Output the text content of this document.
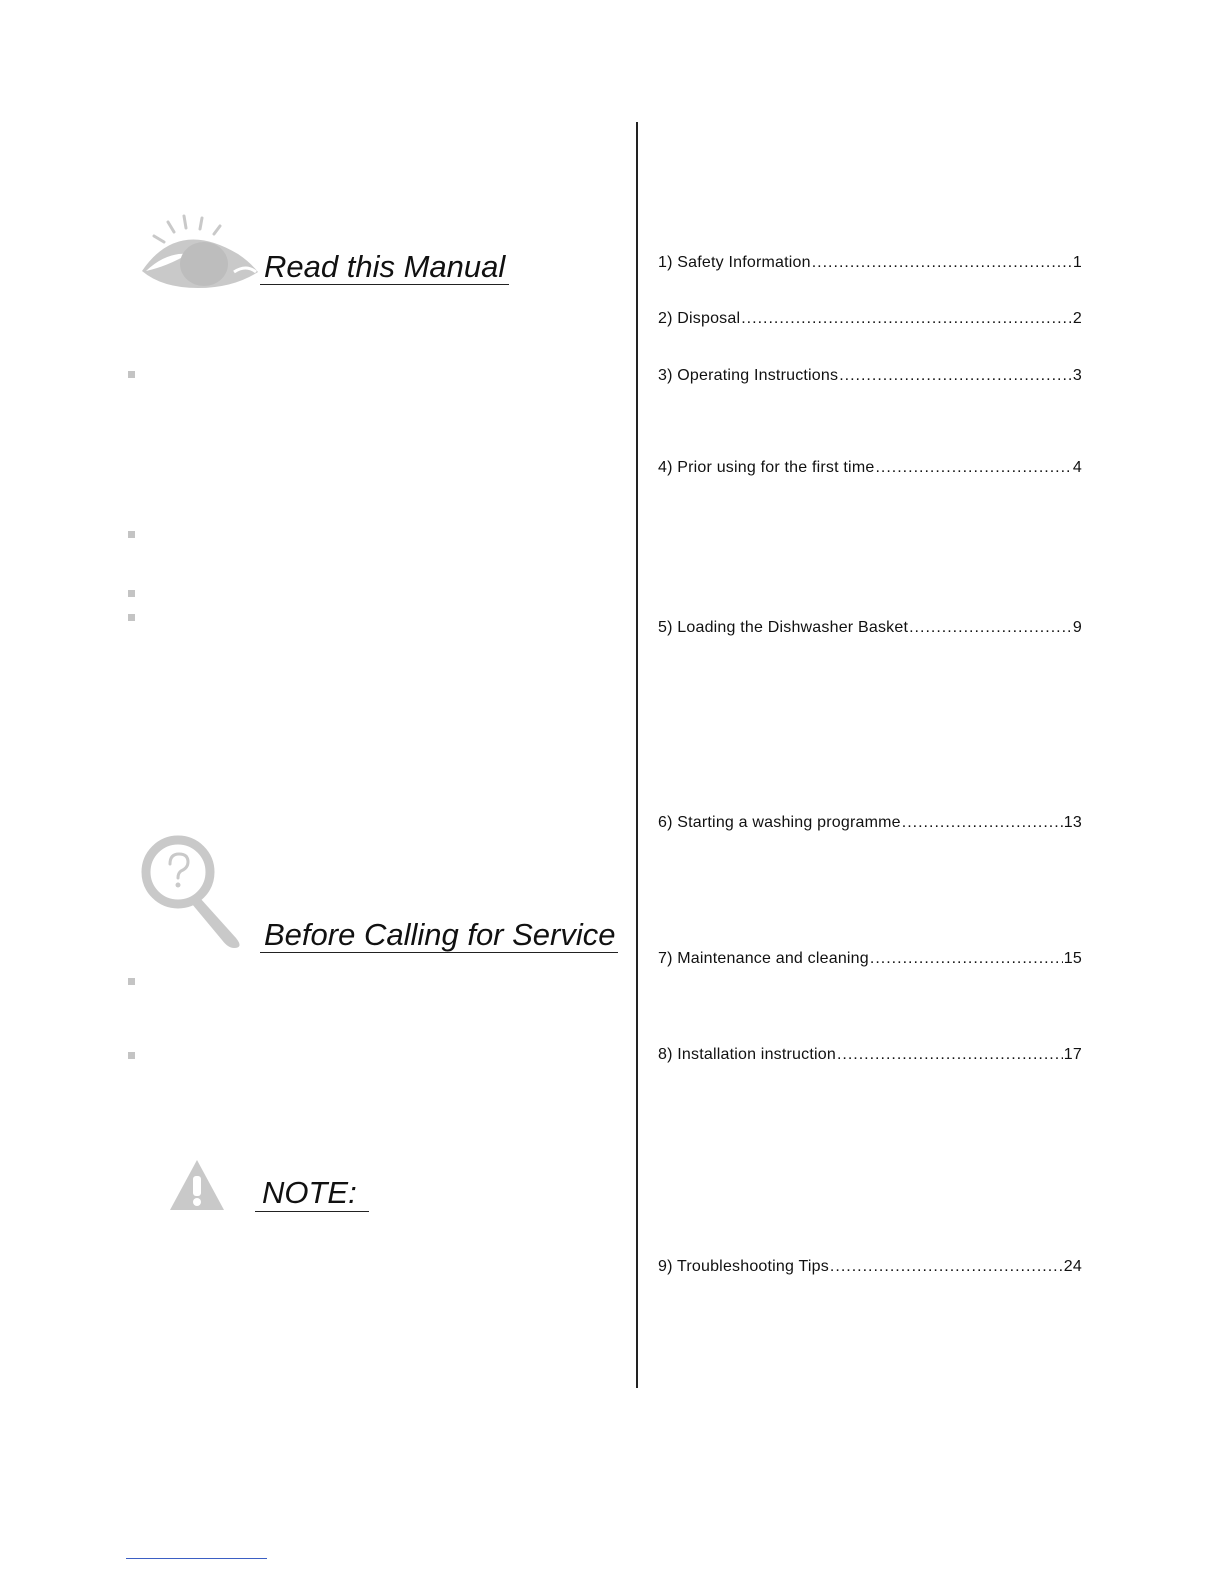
Read this Manual
Before Calling for Service
NOTE:
1) Safety Information .....	1
2) Disposal .....	2
3) Operating Instructions .....	3
4) Prior using for the first time .....	4
5) Loading the Dishwasher Basket .....	9
6) Starting a washing programme .....	13
7) Maintenance and cleaning .....	15
8) Installation instruction .....	17
9) Troubleshooting Tips .....	24
